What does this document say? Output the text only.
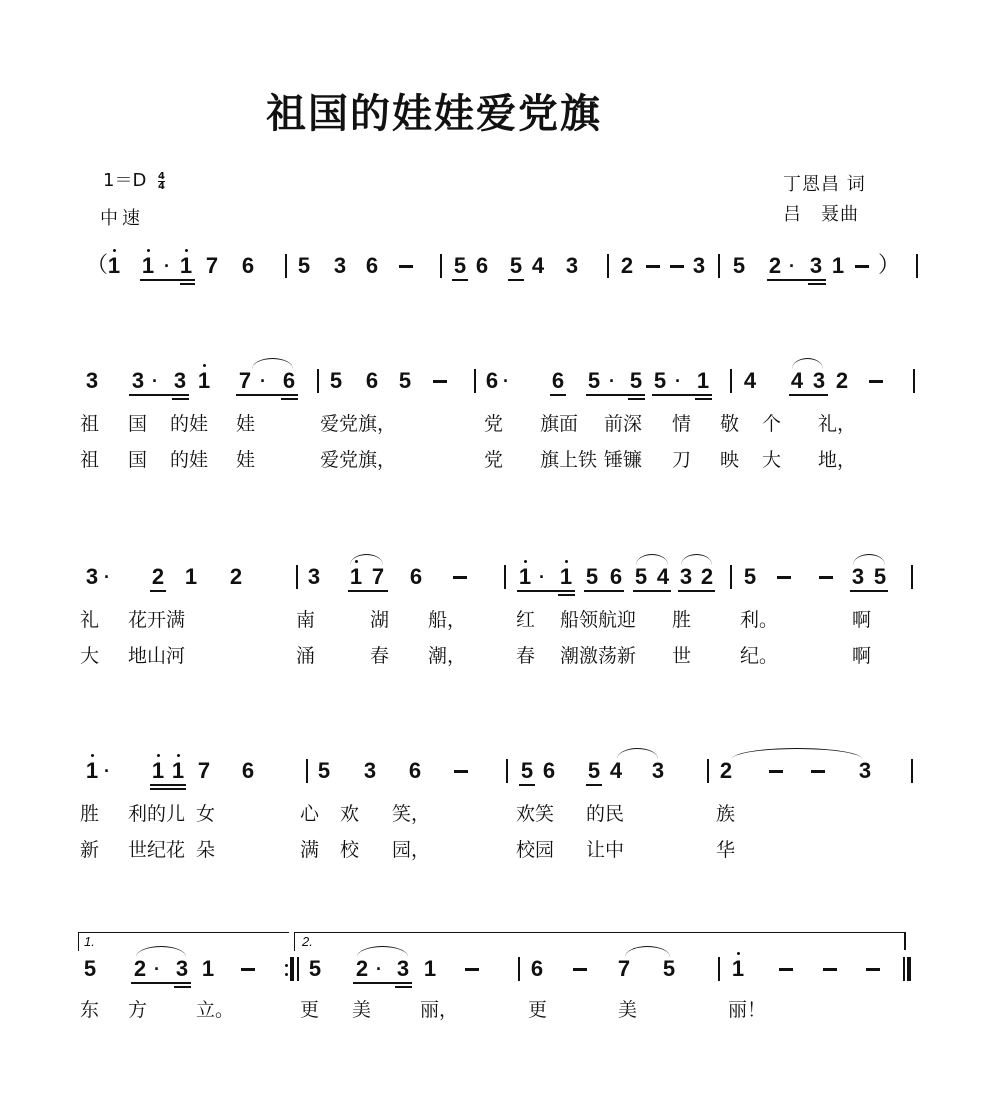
祖国的娃娃爱党旗
$1=D \frac{4}{4}$
中速
丁恩昌 词
吕　聂曲
（ 1 1 · 1 7 6 5 3 6	5 6 5 4 3 2	3 5 2 · 3 1 ）
3 3 · 3 1 7 · 6 5 6 5	6 · 6 5 · 5 5 · 1 4 4 3 2
祖 国 的娃 娃	爱党旗，	党 旗面 前深 情 敬 个 礼，
祖 国 的娃 娃	爱党旗，	党 旗上铁 锤镰 刀 映 大 地，
3 · 2 1 2	3 1 7 6	1 · 1 5 6 5 4 3 2 5	3 5
礼 花开满	南	湖 船，	红 船领航迎 胜	利。	啊
大 地山河	涌	春 潮，	春 潮激荡新 世	纪。	啊
1 · 1 1 7 6	5 3 6	5 6 5 4 3	2	3
胜 利的儿 女	心 欢 笑，	欢笑 的民	族
新 世纪花 朵	满 校 园，	校园 让中	华
1.	2.
5 2 · 3 1	5 2 · 3 1	6	7 5	1
东 方	立。	更 美	丽，	更	美	丽！
